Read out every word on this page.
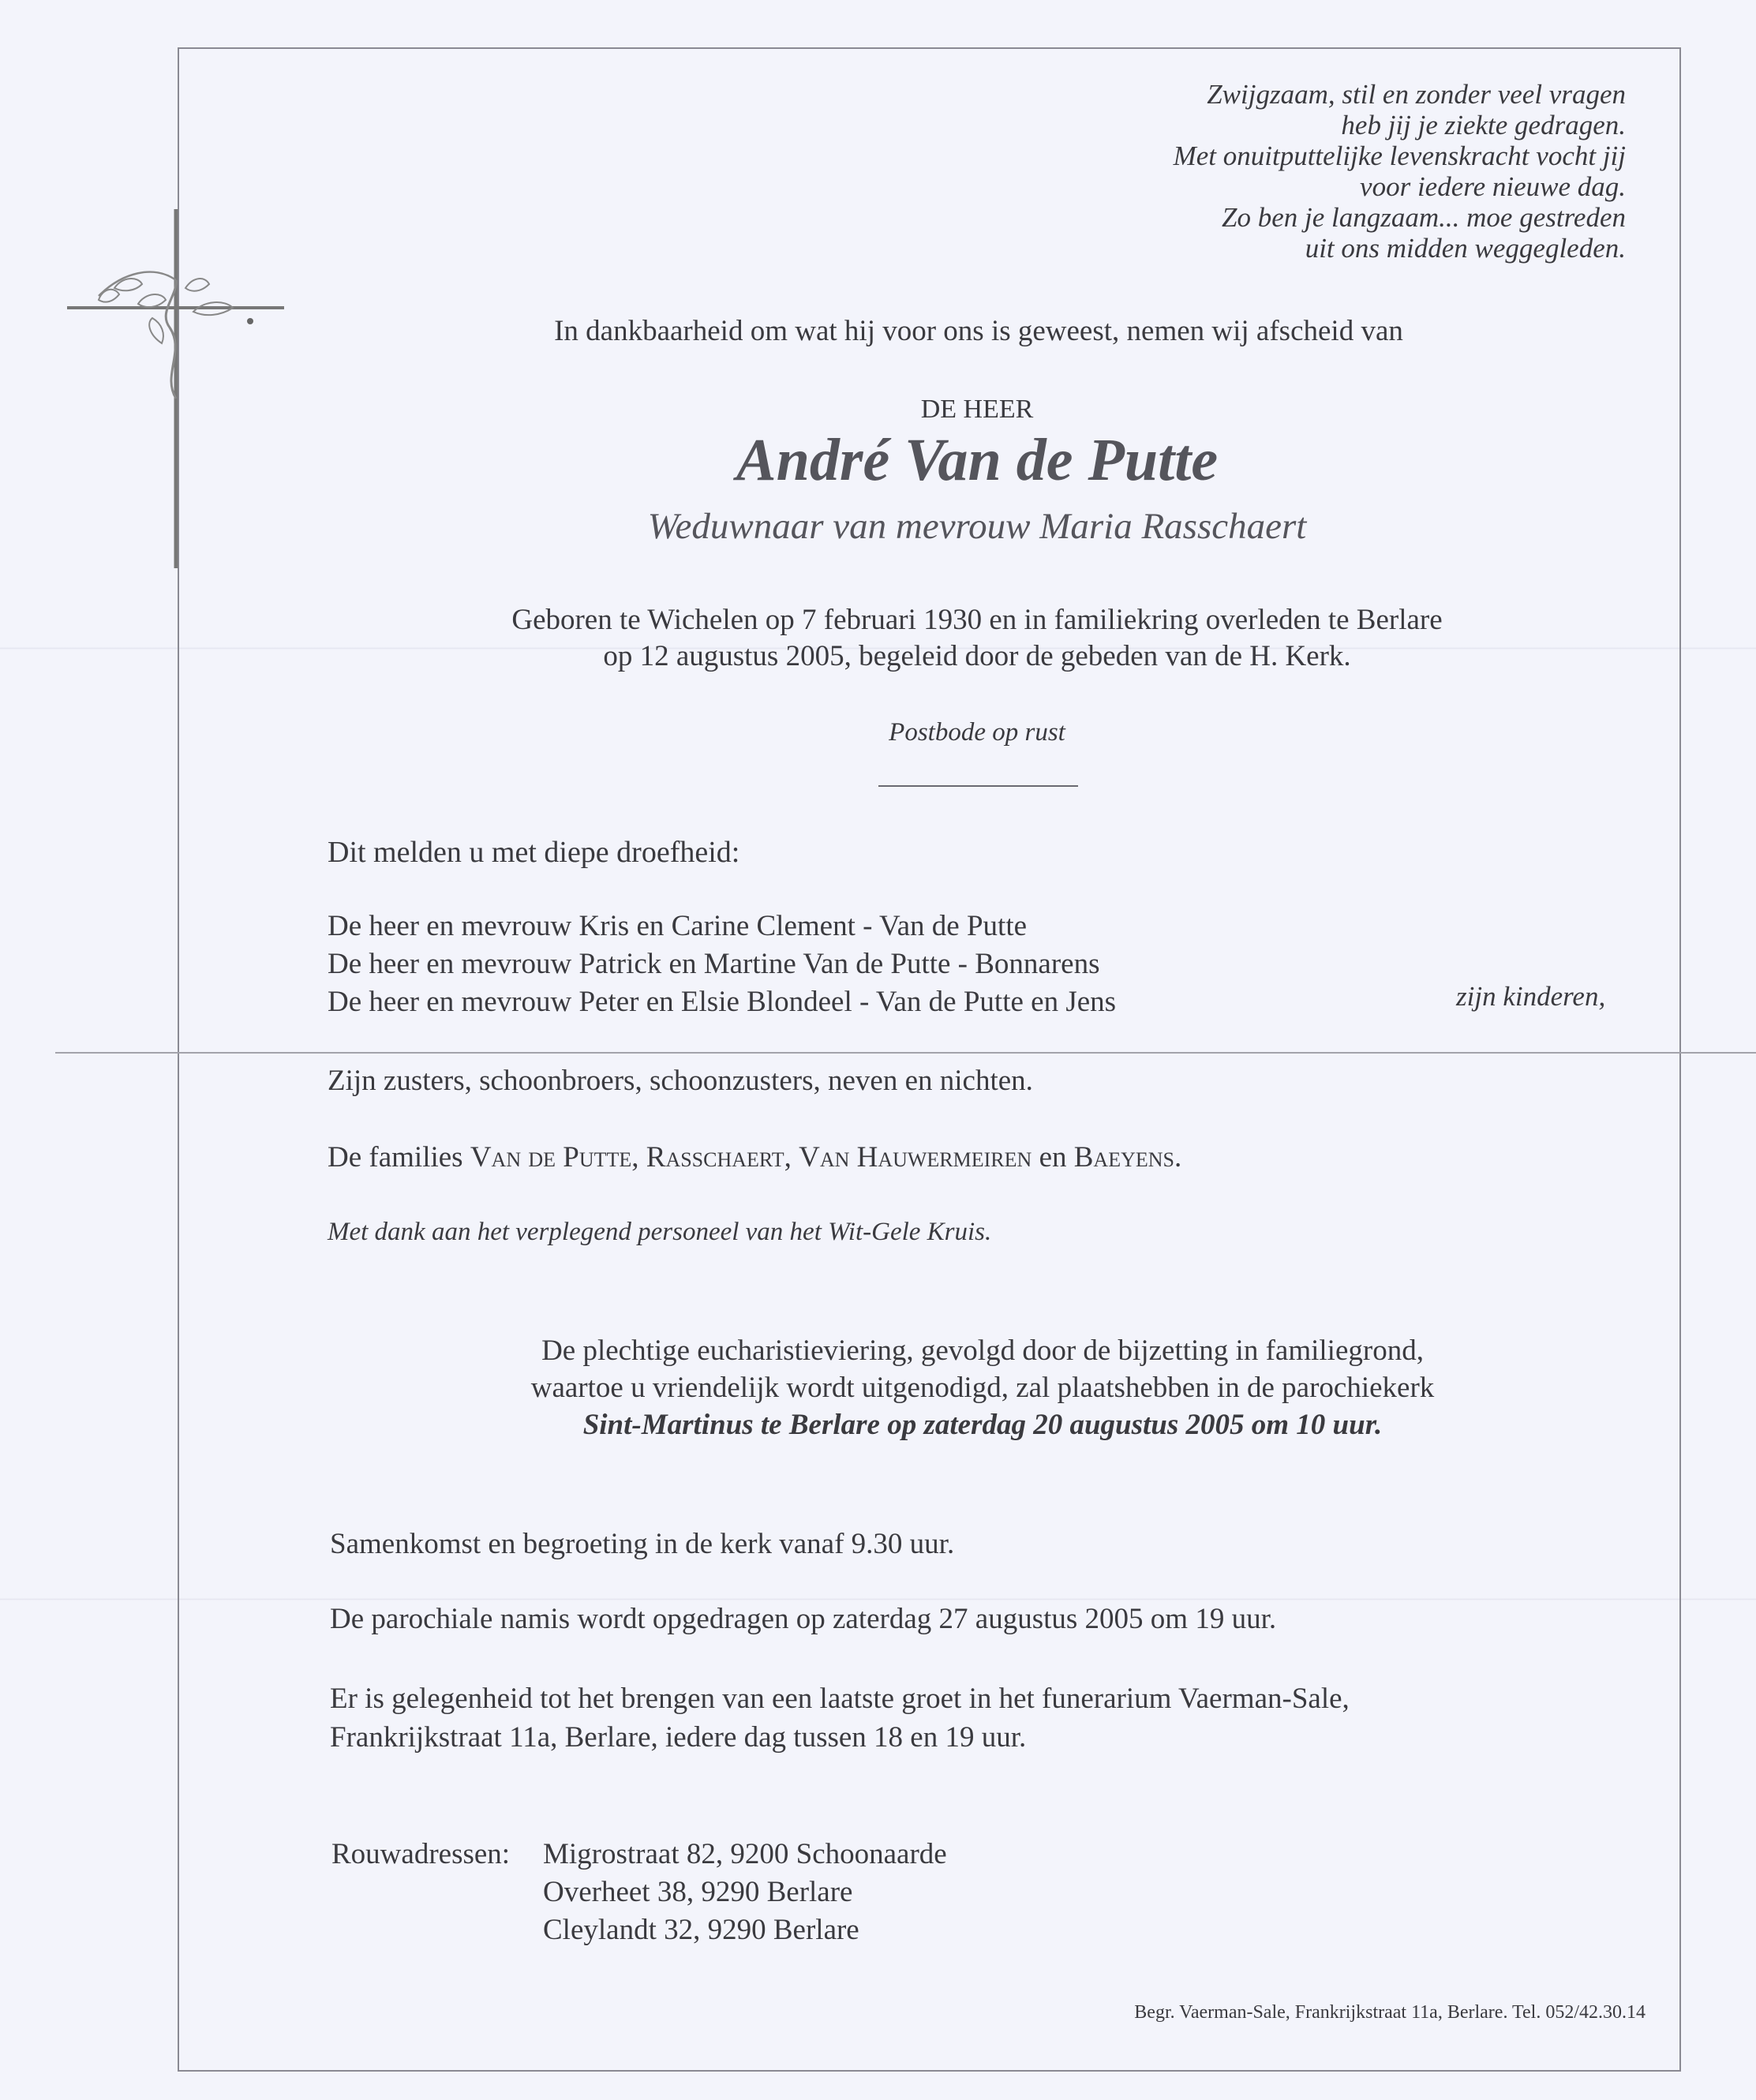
Zwijgzaam, stil en zonder veel vragen
heb jij je ziekte gedragen.
Met onuitputtelijke levenskracht vocht jij
voor iedere nieuwe dag.
Zo ben je langzaam... moe gestreden
uit ons midden weggegleden.
In dankbaarheid om wat hij voor ons is geweest, nemen wij afscheid van
DE HEER
André Van de Putte
Weduwnaar van mevrouw Maria Rasschaert
Geboren te Wichelen op 7 februari 1930 en in familiekring overleden te Berlare
op 12 augustus 2005, begeleid door de gebeden van de H. Kerk.
Postbode op rust
Dit melden u met diepe droefheid:
De heer en mevrouw Kris en Carine Clement - Van de Putte
De heer en mevrouw Patrick en Martine Van de Putte - Bonnarens
De heer en mevrouw Peter en Elsie Blondeel - Van de Putte en Jens	zijn kinderen,
Zijn zusters, schoonbroers, schoonzusters, neven en nichten.
De families Van de Putte, Rasschaert, Van Hauwermeiren en Baeyens.
Met dank aan het verplegend personeel van het Wit-Gele Kruis.
De plechtige eucharistieviering, gevolgd door de bijzetting in familiegrond,
waartoe u vriendelijk wordt uitgenodigd, zal plaatshebben in de parochiekerk
Sint-Martinus te Berlare op zaterdag 20 augustus 2005 om 10 uur.
Samenkomst en begroeting in de kerk vanaf 9.30 uur.
De parochiale namis wordt opgedragen op zaterdag 27 augustus 2005 om 19 uur.
Er is gelegenheid tot het brengen van een laatste groet in het funerarium Vaerman-Sale,
Frankrijkstraat 11a, Berlare, iedere dag tussen 18 en 19 uur.
Rouwadressen: Migrostraat 82, 9200 Schoonaarde
Overheet 38, 9290 Berlare
Cleylandt 32, 9290 Berlare
Begr. Vaerman-Sale, Frankrijkstraat 11a, Berlare. Tel. 052/42.30.14
